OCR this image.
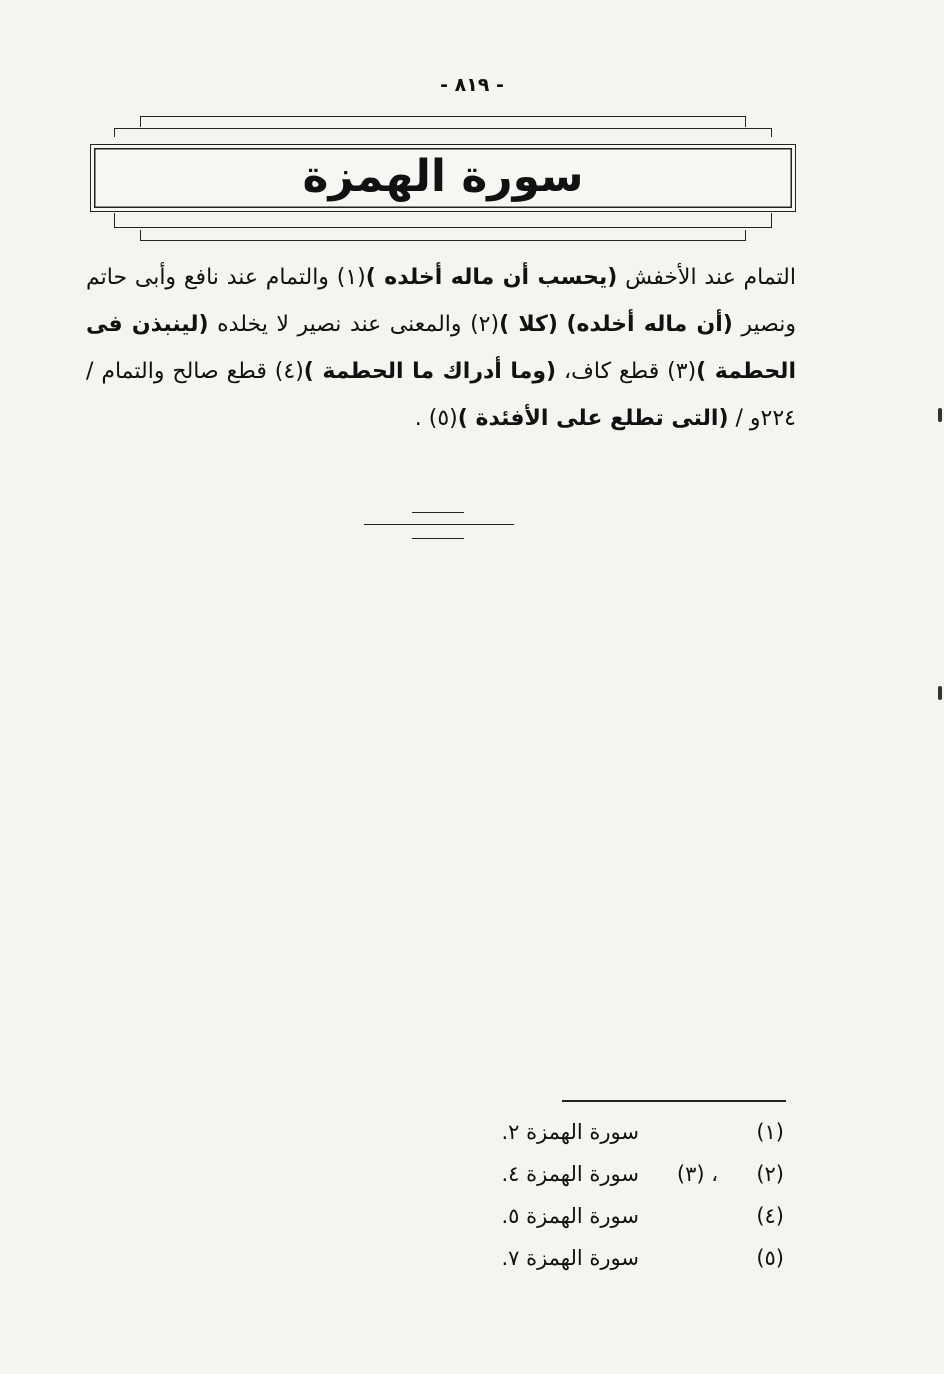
- ٨١٩ -
سورة الهمزة
التمام عند الأخفش (يحسب أن ماله أخلده )(١) والتمام عند نافع وأبى حاتم ونصير (أن ماله أخلده) (كلا )(٢) والمعنى عند نصير لا يخلده (لينبذن فى الحطمة )(٣) قطع كاف، (وما أدراك ما الحطمة )(٤) قطع صالح والتمام / ٢٢٤و / (التى تطلع على الأفئدة )(٥) .
(١)
سورة الهمزة ٢.
(٢)
، (٣)
سورة الهمزة ٤.
(٤)
سورة الهمزة ٥.
(٥)
سورة الهمزة ٧.
